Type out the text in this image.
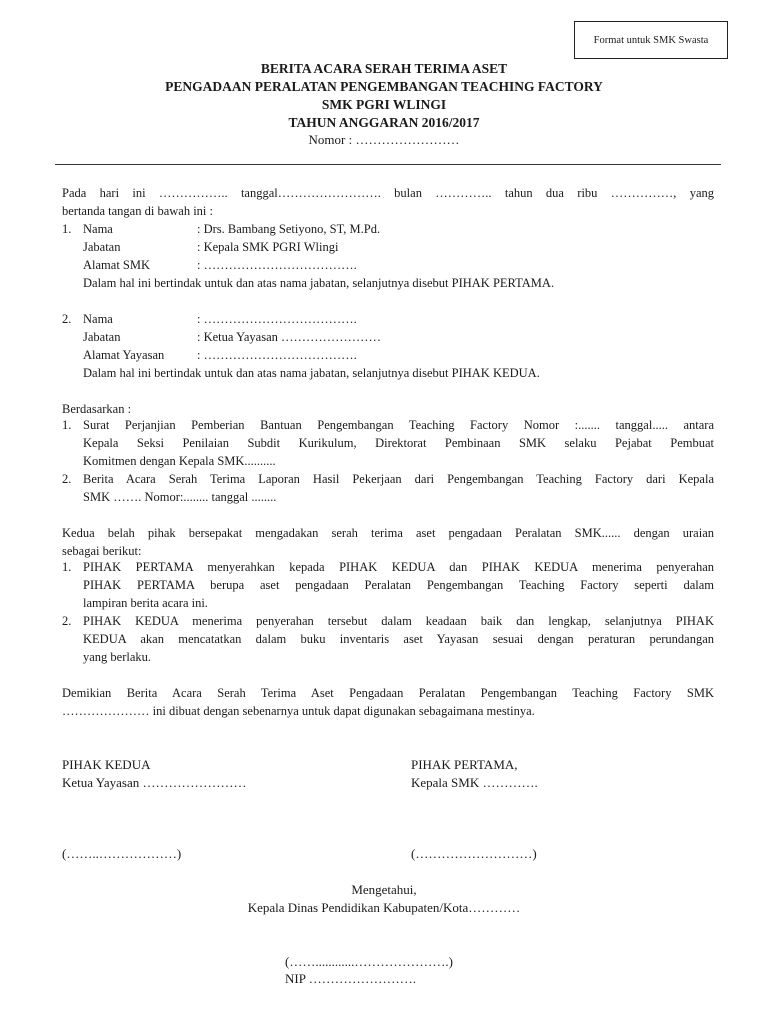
Format untuk SMK Swasta
BERITA ACARA SERAH TERIMA ASET
PENGADAAN PERALATAN PENGEMBANGAN TEACHING FACTORY
SMK PGRI WLINGI
TAHUN ANGGARAN 2016/2017
Nomor : ……………………
Pada hari ini …………….. tanggal……………………. bulan ………….. tahun dua ribu ……………, yang
bertanda tangan di bawah ini :
1. Nama	: Drs. Bambang Setiyono, ST, M.Pd.
Jabatan	: Kepala SMK PGRI Wlingi
Alamat SMK	: ……………………………….
Dalam hal ini bertindak untuk dan atas nama jabatan, selanjutnya disebut PIHAK PERTAMA.
2. Nama	: ……………………………….
Jabatan	: Ketua Yayasan ……………………
Alamat Yayasan	: ……………………………….
Dalam hal ini bertindak untuk dan atas nama jabatan, selanjutnya disebut PIHAK KEDUA.
Berdasarkan :
1. Surat Perjanjian Pemberian Bantuan Pengembangan Teaching Factory Nomor :....... tanggal..... antara
Kepala Seksi Penilaian Subdit Kurikulum, Direktorat Pembinaan SMK selaku Pejabat Pembuat
Komitmen dengan Kepala SMK..........
2. Berita Acara Serah Terima Laporan Hasil Pekerjaan dari Pengembangan Teaching Factory dari Kepala
SMK ……. Nomor:........ tanggal ........
Kedua belah pihak bersepakat mengadakan serah terima aset pengadaan Peralatan SMK...... dengan uraian
sebagai berikut:
1. PIHAK PERTAMA menyerahkan kepada PIHAK KEDUA dan PIHAK KEDUA menerima penyerahan
PIHAK PERTAMA berupa aset pengadaan Peralatan Pengembangan Teaching Factory seperti dalam
lampiran berita acara ini.
2. PIHAK KEDUA menerima penyerahan tersebut dalam keadaan baik dan lengkap, selanjutnya PIHAK
KEDUA akan mencatatkan dalam buku inventaris aset Yayasan sesuai dengan peraturan perundangan
yang berlaku.
Demikian Berita Acara Serah Terima Aset Pengadaan Peralatan Pengembangan Teaching Factory SMK
………………… ini dibuat dengan sebenarnya untuk dapat digunakan sebagaimana mestinya.
PIHAK KEDUA
Ketua Yayasan ……………………
(……..………………)
PIHAK PERTAMA,
Kepala SMK ………….
(………………………)
Mengetahui,
Kepala Dinas Pendidikan Kabupaten/Kota…………
(……............………………….)
NIP …………………….
